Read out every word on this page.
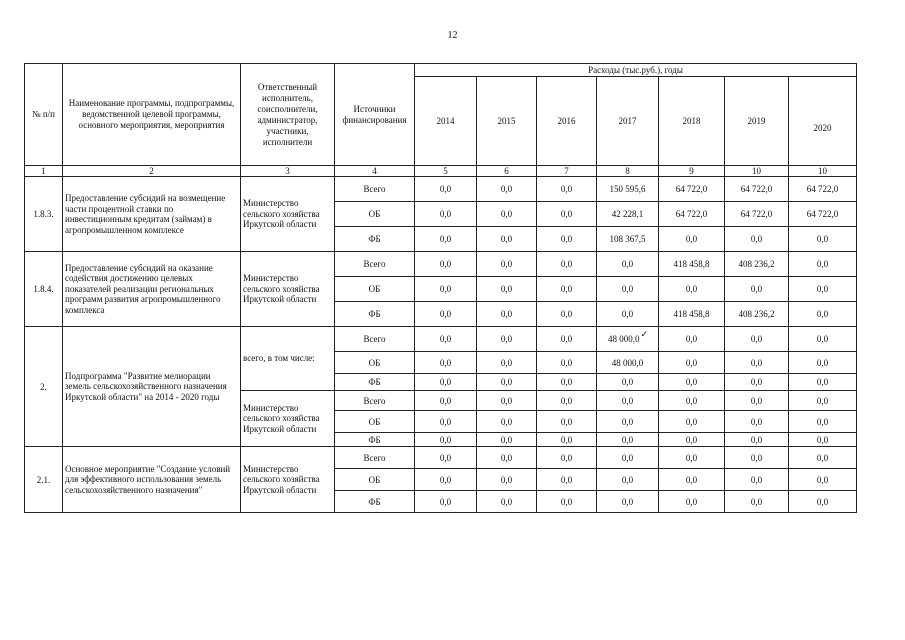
12
№ п/п	Наименование программы, подпрограммы, ведомственной целевой программы, основного мероприятия, мероприятия	Ответственный исполнитель, соисполнители, администратор, участники, исполнители	Источники финансирования	Расходы (тыс.руб.), годы						
				2014	2015	2016	2017	2018	2019	2020
1	2	3	4	5	6	7	8	9	10	10
1.8.3.	Предоставление субсидий на возмещение части процентной ставки по инвестиционным кредитам (займам) в агропромышленном комплексе	Министерство сельского хозяйства Иркутской области	Всего	0,0	0,0	0,0	150 595,6	64 722,0	64 722,0	64 722,0
			ОБ	0,0	0,0	0,0	42 228,1	64 722,0	64 722,0	64 722,0
			ФБ	0,0	0,0	0,0	108 367,5	0,0	0,0	0,0
1.8.4.	Предоставление субсидий на оказание содействия достижению целевых показателей реализации региональных программ развития агропромышленного комплекса	Министерство сельского хозяйства Иркутской области	Всего	0,0	0,0	0,0	0,0	418 458,8	408 236,2	0,0
			ОБ	0,0	0,0	0,0	0,0	0,0	0,0	0,0
			ФБ	0,0	0,0	0,0	0,0	418 458,8	408 236,2	0,0
2.	Подпрограмма "Развитие мелиорации земель сельскохозяйственного назначения Иркутской области" на 2014 - 2020 годы	всего, в том числе:	Всего	0,0	0,0	0,0	48 000,0✓	0,0	0,0	0,0
			ОБ	0,0	0,0	0,0	48 000,0	0,0	0,0	0,0
			ФБ	0,0	0,0	0,0	0,0	0,0	0,0	0,0
		Министерство сельского хозяйства Иркутской области	Всего	0,0	0,0	0,0	0,0	0,0	0,0	0,0
			ОБ	0,0	0,0	0,0	0,0	0,0	0,0	0,0
			ФБ	0,0	0,0	0,0	0,0	0,0	0,0	0,0
2.1.	Основное мероприятие "Создание условий для эффективного использования земель сельскохозяйственного назначения"	Министерство сельского хозяйства Иркутской области	Всего	0,0	0,0	0,0	0,0	0,0	0,0	0,0
			ОБ	0,0	0,0	0,0	0,0	0,0	0,0	0,0
			ФБ	0,0	0,0	0,0	0,0	0,0	0,0	0,0
